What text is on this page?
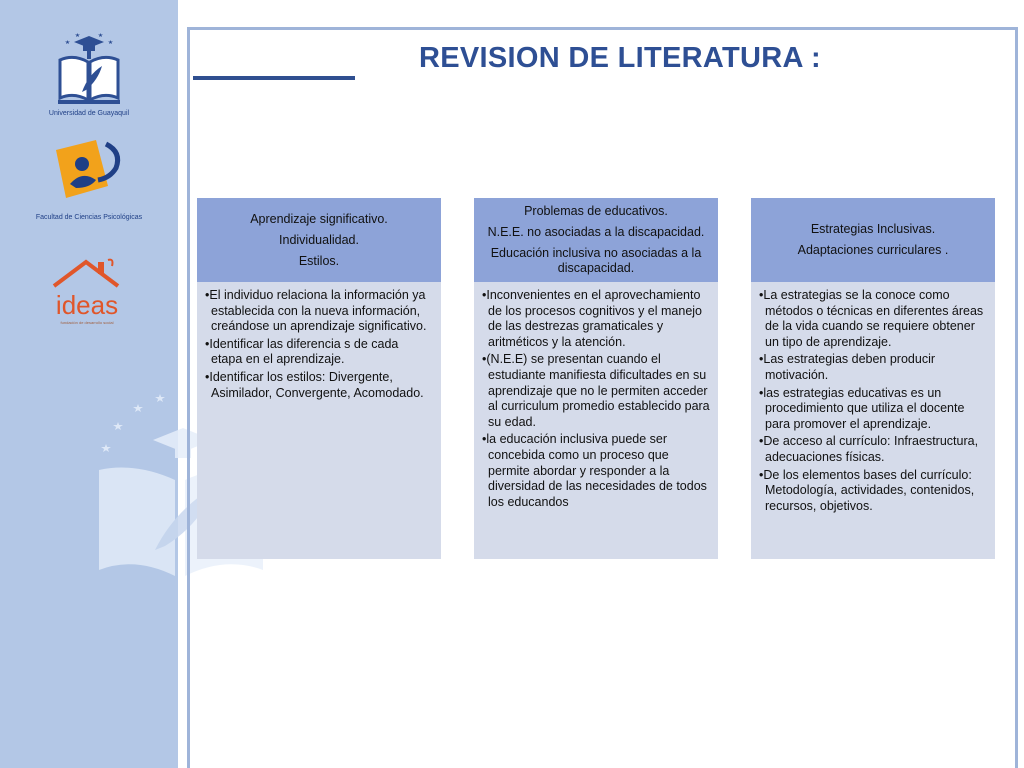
Universidad de Guayaquil
Facultad de Ciencias Psicológicas
ideas
fundación de desarrollo social
REVISION DE LITERATURA :
Aprendizaje significativo.
Individualidad.
Estilos.
•El individuo relaciona la información ya establecida con la nueva información, creándose un aprendizaje significativo.
•Identificar las diferencia s de cada etapa en el aprendizaje.
•Identificar los estilos: Divergente, Asimilador, Convergente, Acomodado.
Problemas de educativos.
N.E.E. no asociadas a la discapacidad.
Educación inclusiva no asociadas a la discapacidad.
•Inconvenientes en el aprovechamiento de los procesos cognitivos y el manejo de las destrezas gramaticales y aritméticos y la atención.
•(N.E.E) se presentan cuando el estudiante manifiesta dificultades en su aprendizaje que no le permiten acceder al curriculum promedio establecido para su edad.
•la educación inclusiva puede ser concebida como un proceso que permite abordar y responder a la diversidad de las necesidades de todos los educandos
Estrategias Inclusivas.
Adaptaciones curriculares .
•La estrategias se la conoce como métodos o técnicas en diferentes áreas de la vida cuando se requiere obtener un tipo de aprendizaje.
•Las estrategias deben producir motivación.
•las estrategias educativas es un procedimiento que utiliza el docente para promover el aprendizaje.
•De acceso al currículo: Infraestructura, adecuaciones físicas.
•De los elementos bases del currículo: Metodología, actividades, contenidos, recursos, objetivos.
